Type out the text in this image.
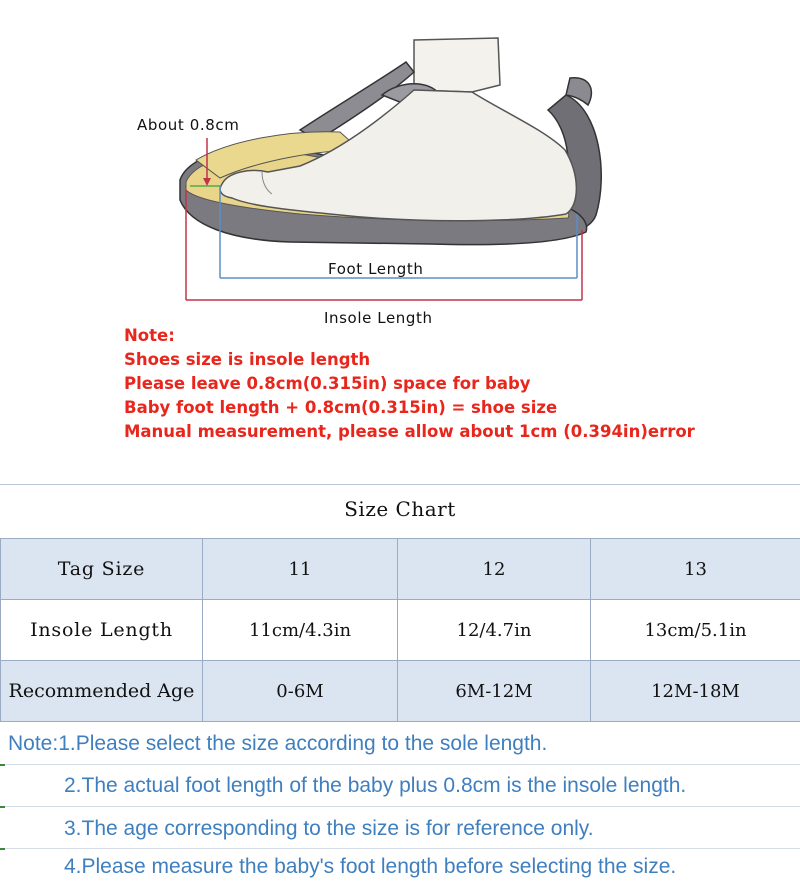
About 0.8cm
Foot Length
Insole Length
Note:
Shoes size is insole length
Please leave 0.8cm(0.315in) space for baby
Baby foot length + 0.8cm(0.315in) = shoe size
Manual measurement, please allow about 1cm (0.394in)error
Size Chart
Tag Size	11	12	13
Insole Length	11cm/4.3in	12/4.7in	13cm/5.1in
Recommended Age	0-6M	6M-12M	12M-18M
Note:1.Please select the size according to the sole length.
2.The actual foot length of the baby plus 0.8cm is the insole length.
3.The age corresponding to the size is for reference only.
4.Please measure the baby's foot length before selecting the size.
